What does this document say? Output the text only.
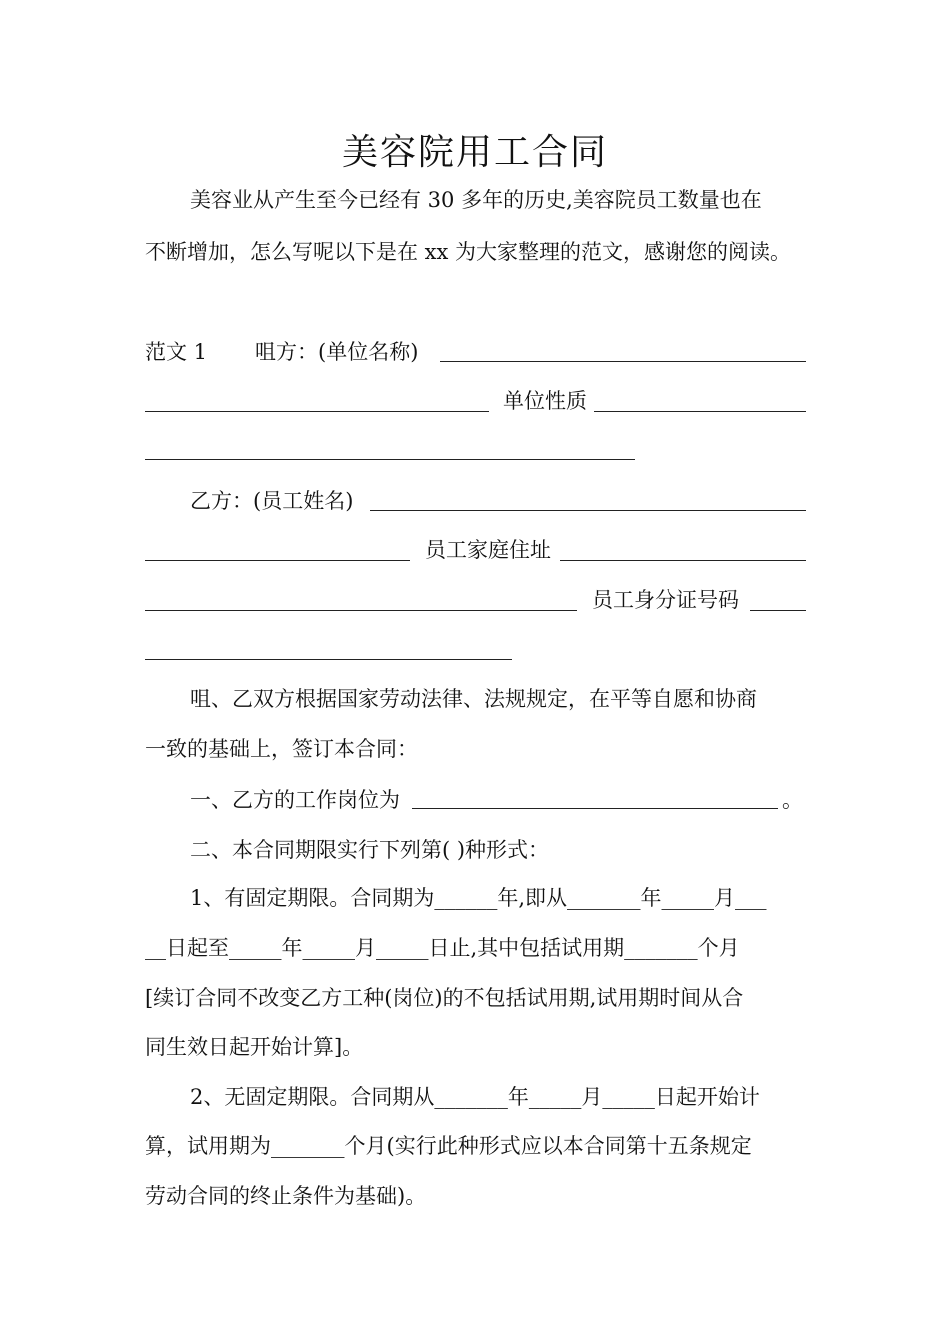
美容院用工合同
美容业从产生至今已经有 30 多年的历史,美容院员工数量也在
不断增加，怎么写呢以下是在 xx 为大家整理的范文，感谢您的阅读。
范文 1 咀方：(单位名称)
单位性质
乙方：(员工姓名)
员工家庭住址
员工身分证号码
咀、乙双方根据国家劳动法律、法规规定，在平等自愿和协商
一致的基础上，签订本合同：
一、乙方的工作岗位为	。
二、本合同期限实行下列第( )种形式：
1、有固定期限。合同期为______年,即从_______年_____月___
__日起至_____年_____月_____日止,其中包括试用期_______个月
[续订合同不改变乙方工种(岗位)的不包括试用期,试用期时间从合
同生效日起开始计算]。
2、无固定期限。合同期从_______年_____月_____日起开始计
算，试用期为_______个月(实行此种形式应以本合同第十五条规定
劳动合同的终止条件为基础)。
